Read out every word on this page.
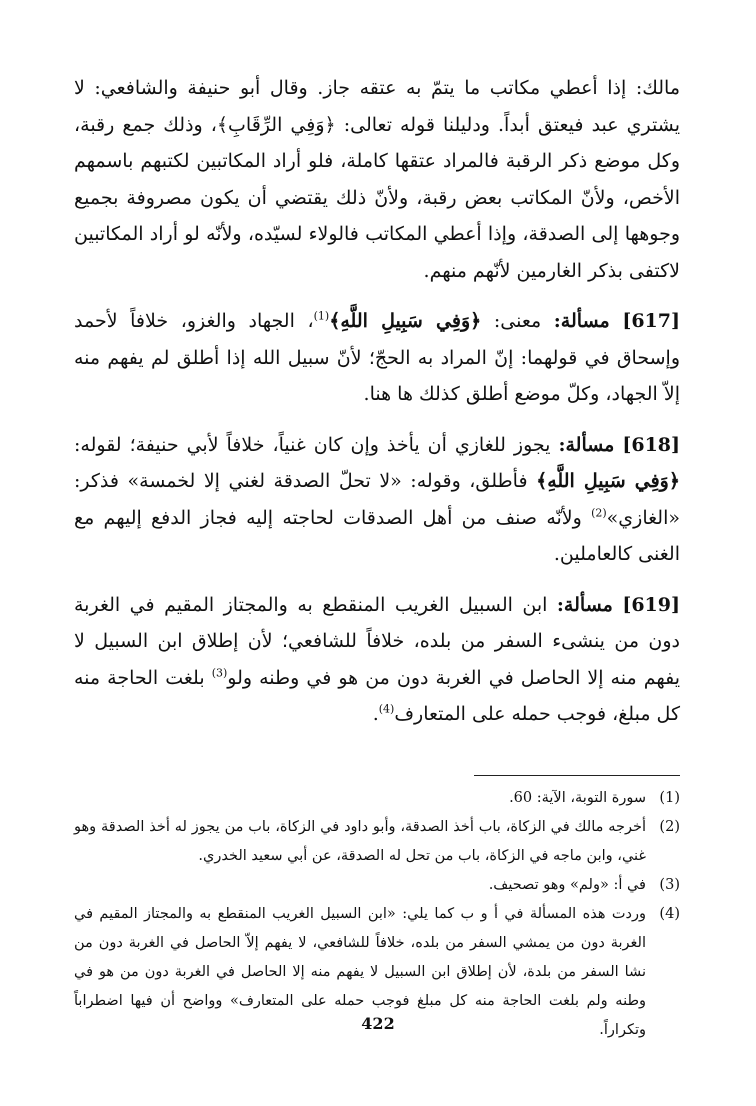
مالك: إذا أعطي مكاتب ما يتمّ به عتقه جاز. وقال أبو حنيفة والشافعي: لا يشتري عبد فيعتق أبداً. ودليلنا قوله تعالى: ﴿وَفِي الرِّقَابِ﴾، وذلك جمع رقبة، وكل موضع ذكر الرقبة فالمراد عتقها كاملة، فلو أراد المكاتبين لكتبهم باسمهم الأخص، ولأنّ المكاتب بعض رقبة، ولأنّ ذلك يقتضي أن يكون مصروفة بجميع وجوهها إلى الصدقة، وإذا أعطي المكاتب فالولاء لسيّده، ولأنّه لو أراد المكاتبين لاكتفى بذكر الغارمين لأنّهم منهم.

[617] مسألة: معنى: ﴿وَفِي سَبِيلِ اللَّهِ﴾$^{(1)}$، الجهاد والغزو، خلافاً لأحمد وإسحاق في قولهما: إنّ المراد به الحجّ؛ لأنّ سبيل الله إذا أطلق لم يفهم منه إلاّ الجهاد، وكلّ موضع أطلق كذلك ها هنا.

[618] مسألة: يجوز للغازي أن يأخذ وإن كان غنياً، خلافاً لأبي حنيفة؛ لقوله: ﴿وَفِي سَبِيلِ اللَّهِ﴾ فأطلق، وقوله: «لا تحلّ الصدقة لغني إلا لخمسة» فذكر: «الغازي»$^{(2)}$ ولأنّه صنف من أهل الصدقات لحاجته إليه فجاز الدفع إليهم مع الغنى كالعاملين.

[619] مسألة: ابن السبيل الغريب المنقطع به والمجتاز المقيم في الغربة دون من ينشىء السفر من بلده، خلافاً للشافعي؛ لأن إطلاق ابن السبيل لا يفهم منه إلا الحاصل في الغربة دون من هو في وطنه ولو$^{(3)}$ بلغت الحاجة منه كل مبلغ، فوجب حمله على المتعارف$^{(4)}$.

(1)
سورة التوبة، الآية: 60.
(2)
أخرجه مالك في الزكاة، باب أخذ الصدقة، وأبو داود في الزكاة، باب من يجوز له أخذ الصدقة وهو غني، وابن ماجه في الزكاة، باب من تحل له الصدقة، عن أبي سعيد الخدري.
(3)
في أ: «ولم» وهو تصحيف.
(4)
وردت هذه المسألة في أ و ب كما يلي: «ابن السبيل الغريب المنقطع به والمجتاز المقيم في الغربة دون من يمشي السفر من بلده، خلافاً للشافعي، لا يفهم إلاّ الحاصل في الغربة دون من نشا السفر من بلدة، لأن إطلاق ابن السبيل لا يفهم منه إلا الحاصل في الغربة دون من هو في وطنه ولم بلغت الحاجة منه كل مبلغ فوجب حمله على المتعارف» وواضح أن فيها اضطراباً وتكراراً.
422
